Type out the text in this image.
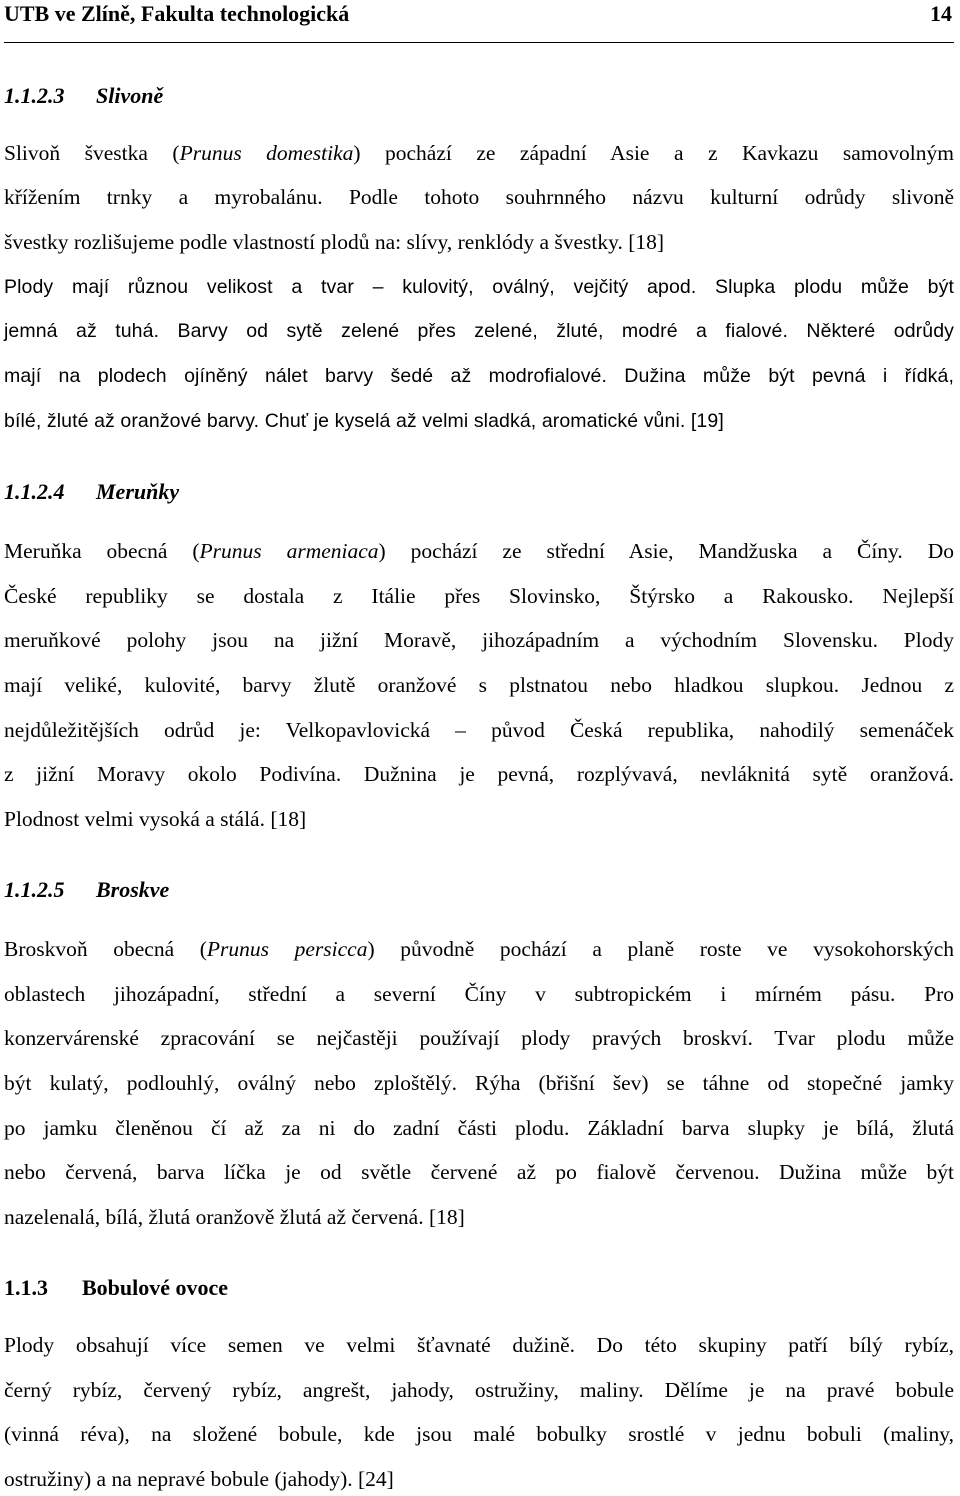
UTB ve Zlíně, Fakulta technologická	14
1.1.2.3 Slivoně
Slivoň švestka (Prunus domestika) pochází ze západní Asie a z Kavkazu samovolným
křížením trnky a myrobalánu. Podle tohoto souhrnného názvu kulturní odrůdy slivoně
švestky rozlišujeme podle vlastností plodů na: slívy, renklódy a švestky. [18]
Plody mají různou velikost a tvar – kulovitý, oválný, vejčitý apod. Slupka plodu může být
jemná až tuhá. Barvy od sytě zelené přes zelené, žluté, modré a fialové. Některé odrůdy
mají na plodech ojíněný nálet barvy šedé až modrofialové. Dužina může být pevná i řídká,
bílé, žluté až oranžové barvy. Chuť je kyselá až velmi sladká, aromatické vůni. [19]
1.1.2.4 Meruňky
Meruňka obecná (Prunus armeniaca) pochází ze střední Asie, Mandžuska a Číny. Do
České republiky se dostala z Itálie přes Slovinsko, Štýrsko a Rakousko. Nejlepší
meruňkové polohy jsou na jižní Moravě, jihozápadním a východním Slovensku. Plody
mají veliké, kulovité, barvy žlutě oranžové s plstnatou nebo hladkou slupkou. Jednou z
nejdůležitějších odrůd je: Velkopavlovická – původ Česká republika, nahodilý semenáček
z jižní Moravy okolo Podivína. Dužnina je pevná, rozplývavá, nevláknitá sytě oranžová.
Plodnost velmi vysoká a stálá. [18]
1.1.2.5 Broskve
Broskvoň obecná (Prunus persicca) původně pochází a planě roste ve vysokohorských
oblastech jihozápadní, střední a severní Číny v subtropickém i mírném pásu. Pro
konzervárenské zpracování se nejčastěji používají plody pravých broskví. Tvar plodu může
být kulatý, podlouhlý, oválný nebo zploštělý. Rýha (břišní šev) se táhne od stopečné jamky
po jamku členěnou čí až za ni do zadní části plodu. Základní barva slupky je bílá, žlutá
nebo červená, barva líčka je od světle červené až po fialově červenou. Dužina může být
nazelenalá, bílá, žlutá oranžově žlutá až červená. [18]
1.1.3 Bobulové ovoce
Plody obsahují více semen ve velmi šťavnaté dužině. Do této skupiny patří bílý rybíz,
černý rybíz, červený rybíz, angrešt, jahody, ostružiny, maliny. Dělíme je na pravé bobule
(vinná réva), na složené bobule, kde jsou malé bobulky srostlé v jednu bobuli (maliny,
ostružiny) a na nepravé bobule (jahody). [24]
